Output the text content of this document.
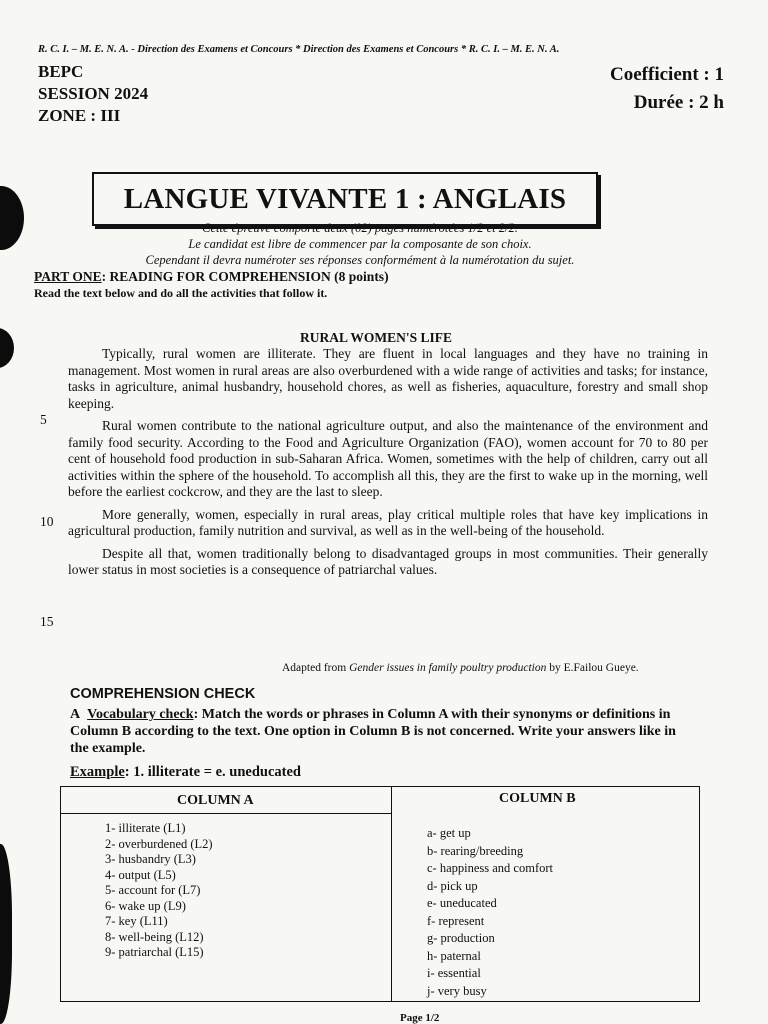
R. C. I. – M. E. N. A. - Direction des Examens et Concours * Direction des Examens et Concours * R. C. I. – M. E. N. A.
BEPC
SESSION 2024
ZONE : III
Coefficient : 1
Durée : 2 h
LANGUE VIVANTE 1 : ANGLAIS
Cette épreuve comporte deux (02) pages numérotées 1/2 et 2/2.
Le candidat est libre de commencer par la composante de son choix.
Cependant il devra numéroter ses réponses conformément à la numérotation du sujet.
PART ONE: READING FOR COMPREHENSION (8 points)
Read the text below and do all the activities that follow it.
RURAL WOMEN'S LIFE

Typically, rural women are illiterate. They are fluent in local languages and they have no training in management. Most women in rural areas are also overburdened with a wide range of activities and tasks; for instance, tasks in agriculture, animal husbandry, household chores, as well as fisheries, aquaculture, forestry and small shop keeping.

Rural women contribute to the national agriculture output, and also the maintenance of the environment and family food security. According to the Food and Agriculture Organization (FAO), women account for 70 to 80 per cent of household food production in sub-Saharan Africa. Women, sometimes with the help of children, carry out all activities within the sphere of the household. To accomplish all this, they are the first to wake up in the morning, well before the earliest cockcrow, and they are the last to sleep.

More generally, women, especially in rural areas, play critical multiple roles that have key implications in agricultural production, family nutrition and survival, as well as in the well-being of the household.

Despite all that, women traditionally belong to disadvantaged groups in most communities. Their generally lower status in most societies is a consequence of patriarchal values.

5
10
15
Adapted from Gender issues in family poultry production by E.Failou Gueye.
COMPREHENSION CHECK
A Vocabulary check: Match the words or phrases in Column A with their synonyms or definitions in Column B according to the text. One option in Column B is not concerned. Write your answers like in the example.
Example: 1. illiterate = e. uneducated
COLUMN A	COLUMN B
1- illiterate (L1)
2- overburdened (L2)
3- husbandry (L3)
4- output (L5)
5- account for (L7)
6- wake up (L9)
7- key (L11)
8- well-being (L12)
9- patriarchal (L15)
a- get up
b- rearing/breeding
c- happiness and comfort
d- pick up
e- uneducated
f- represent
g- production
h- paternal
i- essential
j- very busy
Page 1/2
